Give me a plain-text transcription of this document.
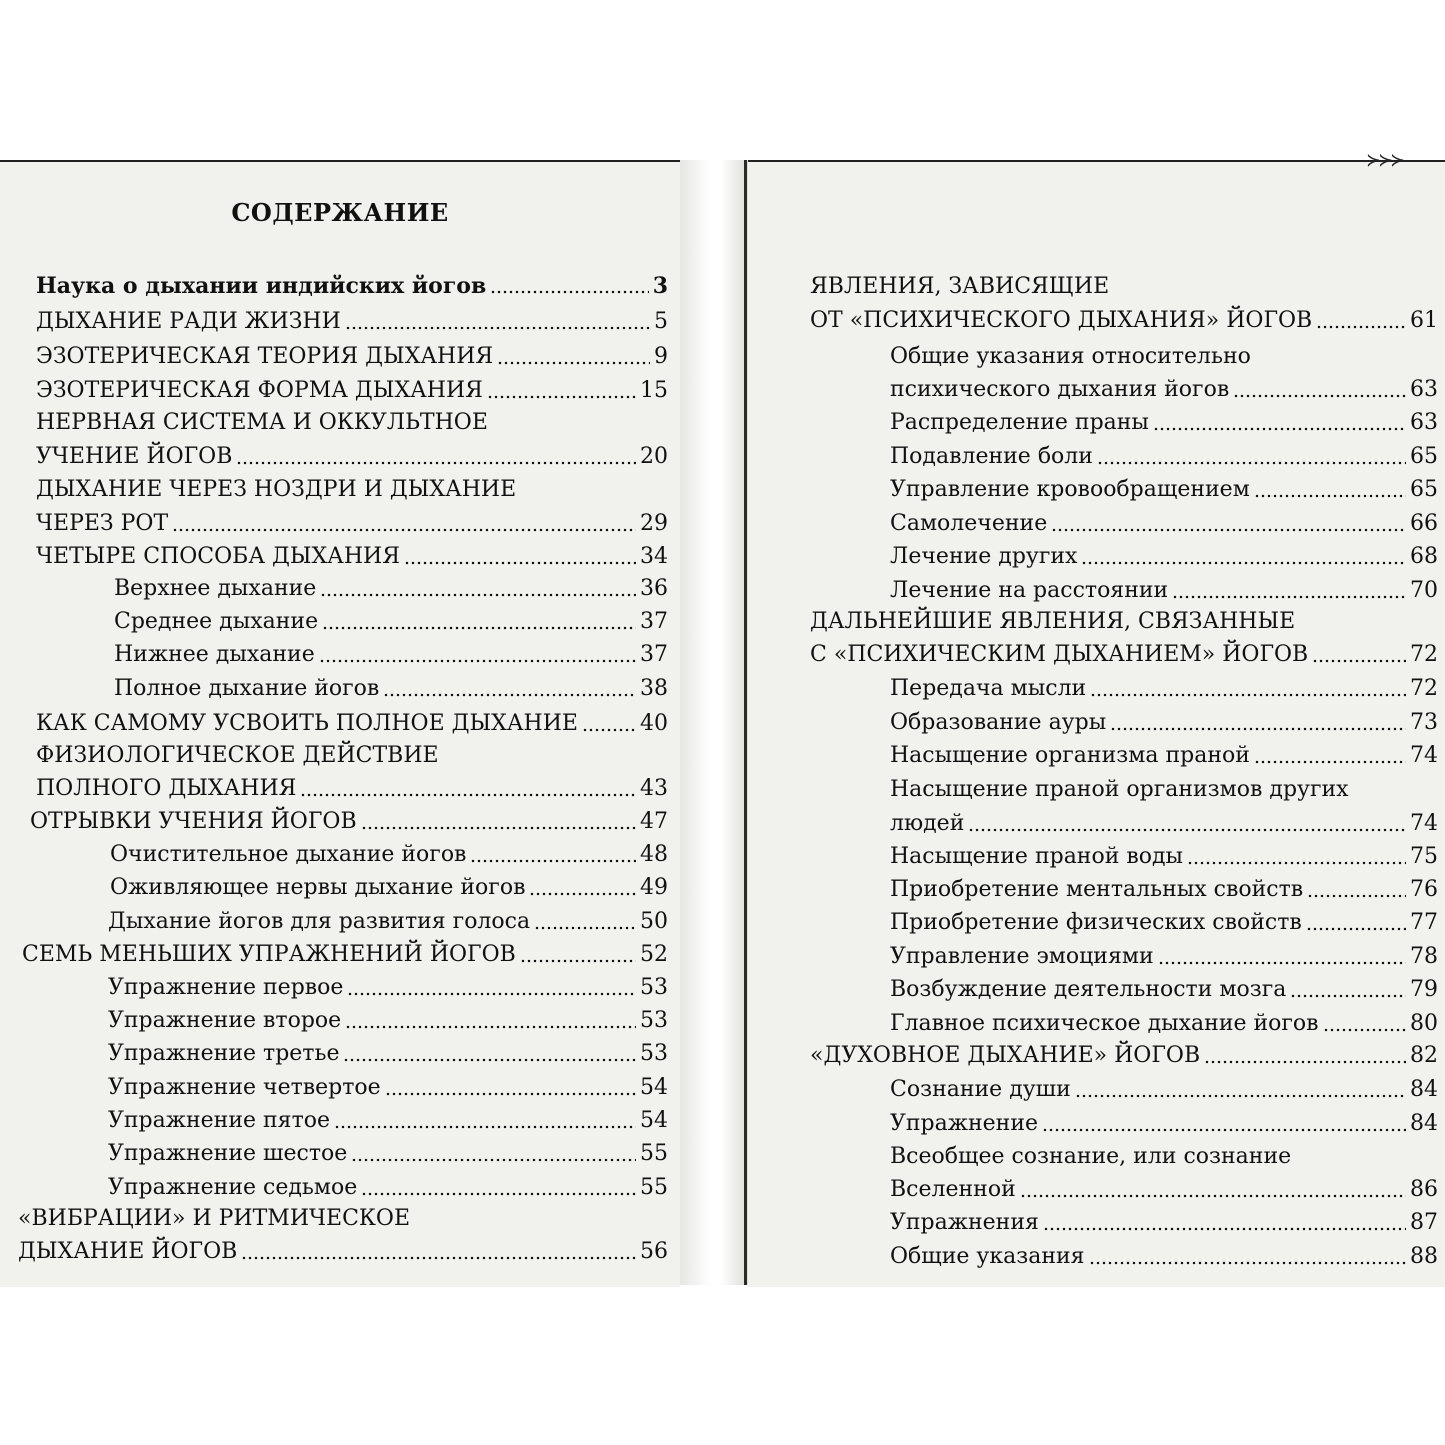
≻≻≻
СОДЕРЖАНИЕ
Наука о дыхании индийских йогов	3
ДЫХАНИЕ РАДИ ЖИЗНИ	5
ЭЗОТЕРИЧЕСКАЯ ТЕОРИЯ ДЫХАНИЯ	9
ЭЗОТЕРИЧЕСКАЯ ФОРМА ДЫХАНИЯ	15
НЕРВНАЯ СИСТЕМА И ОККУЛЬТНОЕ
УЧЕНИЕ ЙОГОВ	20
ДЫХАНИЕ ЧЕРЕЗ НОЗДРИ И ДЫХАНИЕ
ЧЕРЕЗ РОТ	29
ЧЕТЫРЕ СПОСОБА ДЫХАНИЯ	34
Верхнее дыхание	36
Среднее дыхание	37
Нижнее дыхание	37
Полное дыхание йогов	38
КАК САМОМУ УСВОИТЬ ПОЛНОЕ ДЫХАНИЕ	40
ФИЗИОЛОГИЧЕСКОЕ ДЕЙСТВИЕ
ПОЛНОГО ДЫХАНИЯ	43
ОТРЫВКИ УЧЕНИЯ ЙОГОВ	47
Очистительное дыхание йогов	48
Оживляющее нервы дыхание йогов	49
Дыхание йогов для развития голоса	50
СЕМЬ МЕНЬШИХ УПРАЖНЕНИЙ ЙОГОВ	52
Упражнение первое	53
Упражнение второе	53
Упражнение третье	53
Упражнение четвертое	54
Упражнение пятое	54
Упражнение шестое	55
Упражнение седьмое	55
«ВИБРАЦИИ» И РИТМИЧЕСКОЕ
ДЫХАНИЕ ЙОГОВ	56
ЯВЛЕНИЯ, ЗАВИСЯЩИЕ
ОТ «ПСИХИЧЕСКОГО ДЫХАНИЯ» ЙОГОВ	61
Общие указания относительно
психического дыхания йогов	63
Распределение праны	63
Подавление боли	65
Управление кровообращением	65
Самолечение	66
Лечение других	68
Лечение на расстоянии	70
ДАЛЬНЕЙШИЕ ЯВЛЕНИЯ, СВЯЗАННЫЕ
С «ПСИХИЧЕСКИМ ДЫХАНИЕМ» ЙОГОВ	72
Передача мысли	72
Образование ауры	73
Насыщение организма праной	74
Насыщение праной организмов других
людей	74
Насыщение праной воды	75
Приобретение ментальных свойств	76
Приобретение физических свойств	77
Управление эмоциями	78
Возбуждение деятельности мозга	79
Главное психическое дыхание йогов	80
«ДУХОВНОЕ ДЫХАНИЕ» ЙОГОВ	82
Сознание души	84
Упражнение	84
Всеобщее сознание, или сознание
Вселенной	86
Упражнения	87
Общие указания	88
